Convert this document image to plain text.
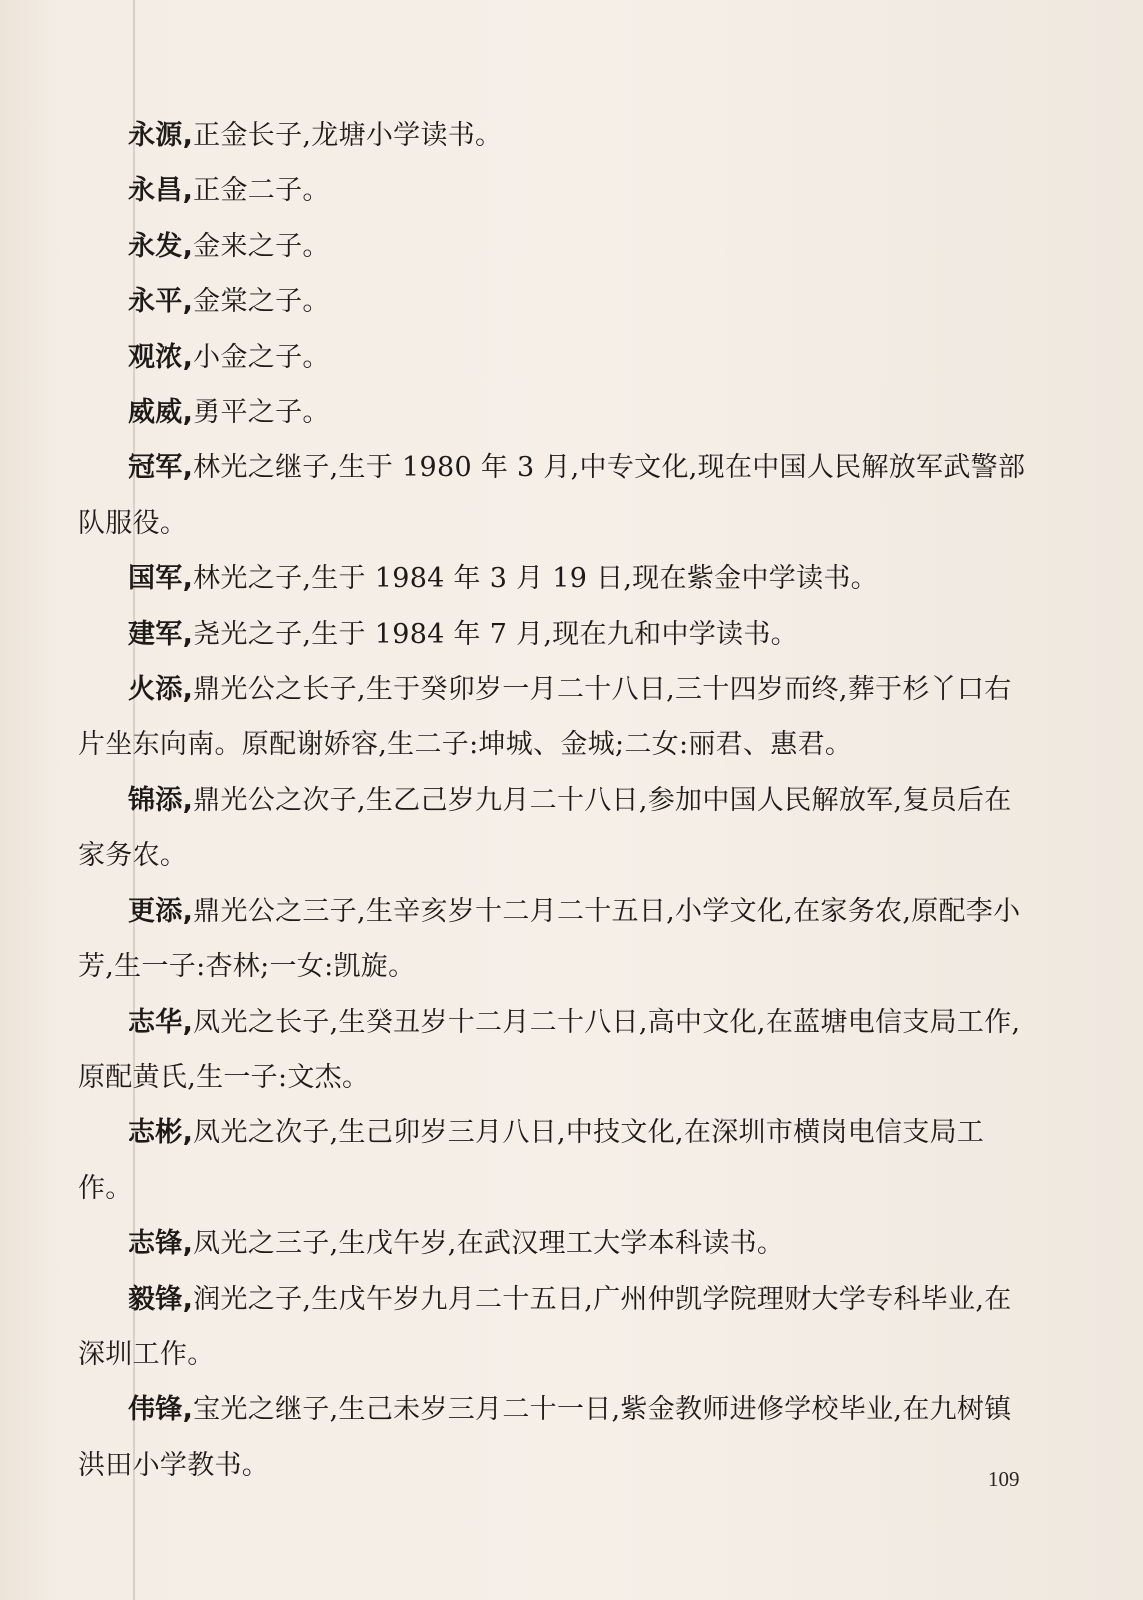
永源,正金长子,龙塘小学读书。

永昌,正金二子。

永发,金来之子。

永平,金棠之子。

观浓,小金之子。

威威,勇平之子。

冠军,林光之继子,生于 1980 年 3 月,中专文化,现在中国人民解放军武警部队服役。

国军,林光之子,生于 1984 年 3 月 19 日,现在紫金中学读书。

建军,尧光之子,生于 1984 年 7 月,现在九和中学读书。

火添,鼎光公之长子,生于癸卯岁一月二十八日,三十四岁而终,葬于杉丫口右片坐东向南。原配谢娇容,生二子:坤城、金城;二女:丽君、惠君。

锦添,鼎光公之次子,生乙己岁九月二十八日,参加中国人民解放军,复员后在家务农。

更添,鼎光公之三子,生辛亥岁十二月二十五日,小学文化,在家务农,原配李小芳,生一子:杏林;一女:凯旋。

志华,凤光之长子,生癸丑岁十二月二十八日,高中文化,在蓝塘电信支局工作,原配黄氏,生一子:文杰。

志彬,凤光之次子,生己卯岁三月八日,中技文化,在深圳市横岗电信支局工作。

志锋,凤光之三子,生戊午岁,在武汉理工大学本科读书。

毅锋,润光之子,生戊午岁九月二十五日,广州仲凯学院理财大学专科毕业,在深圳工作。

伟锋,宝光之继子,生己未岁三月二十一日,紫金教师进修学校毕业,在九树镇洪田小学教书。	109
